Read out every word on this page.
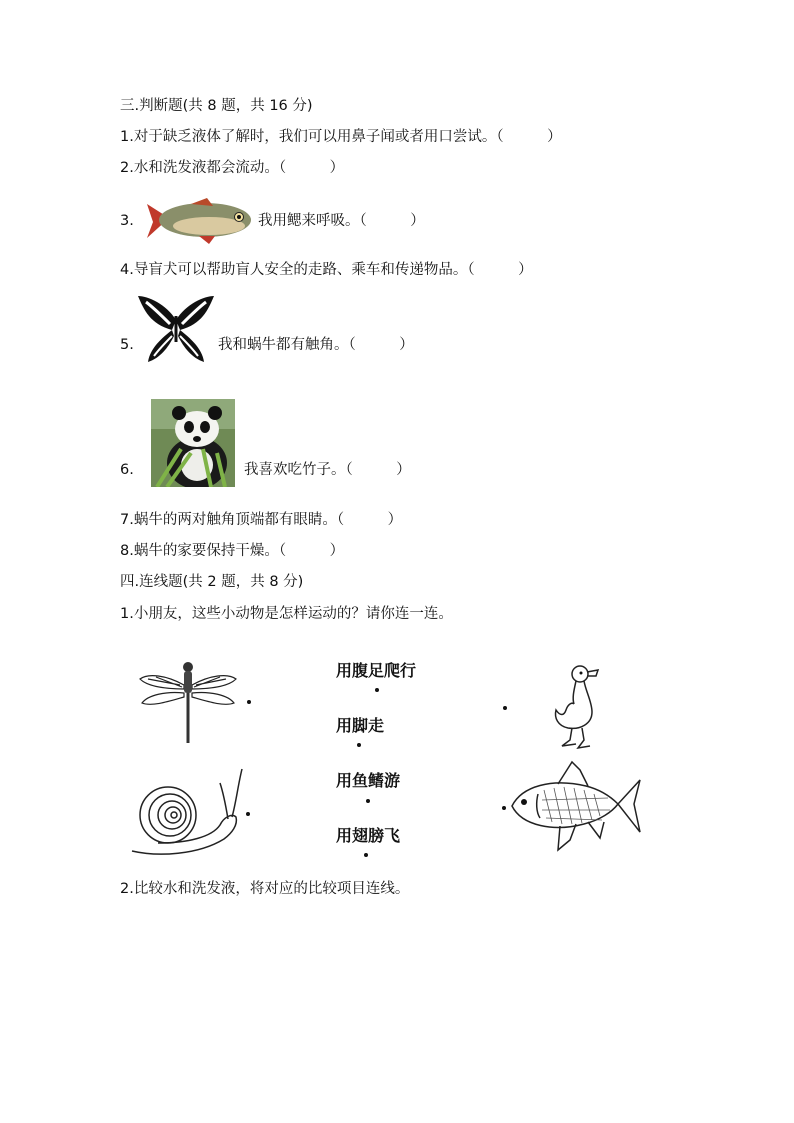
三.判断题(共 8 题，共 16 分)
1.对于缺乏液体了解时，我们可以用鼻子闻或者用口尝试。（　　　）
2.水和洗发液都会流动。（　　　）
3.	我用鳃来呼吸。（　　　）
4.导盲犬可以帮助盲人安全的走路、乘车和传递物品。（　　　）
5.	我和蜗牛都有触角。（　　　）
6.	我喜欢吃竹子。（　　　）
7.蜗牛的两对触角顶端都有眼睛。（　　　）
8.蜗牛的家要保持干燥。（　　　）
四.连线题(共 2 题，共 8 分)
1.小朋友，这些小动物是怎样运动的？请你连一连。
用腹足爬行
用脚走
用鱼鳍游
用翅膀飞
2.比较水和洗发液，将对应的比较项目连线。
